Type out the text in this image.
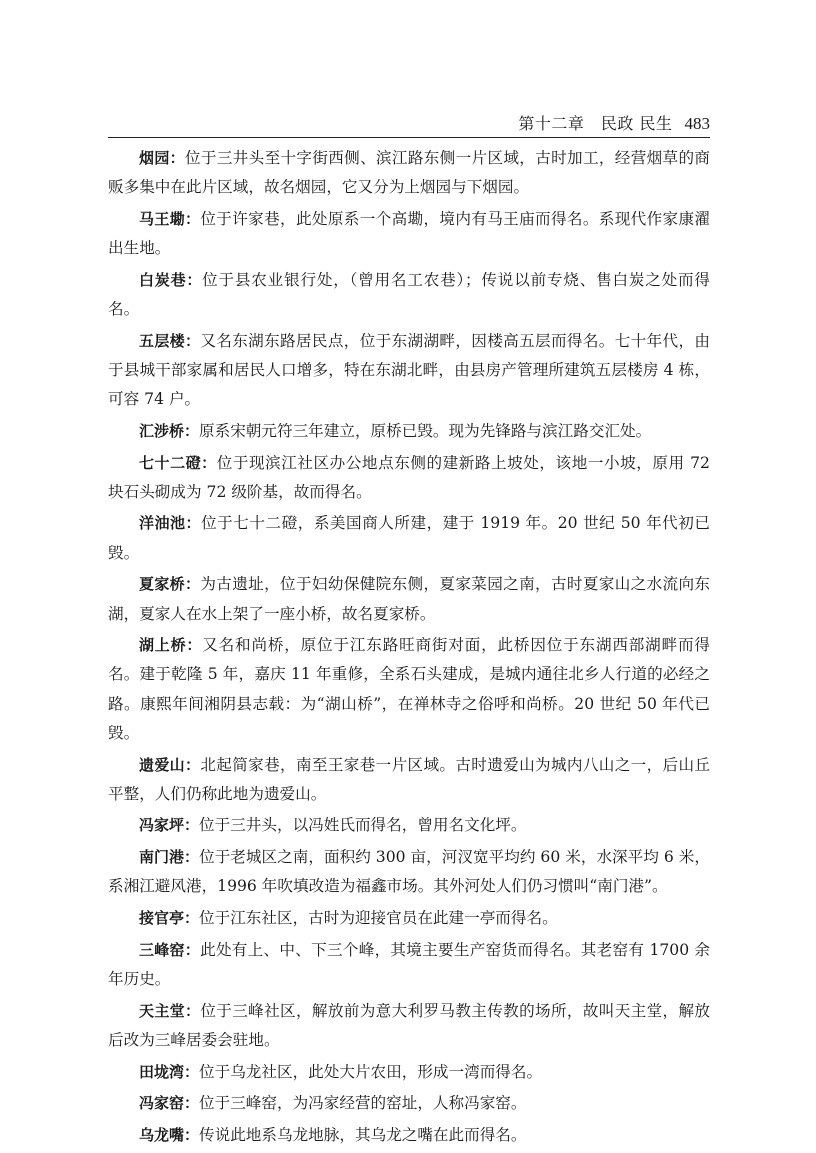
第十二章　民政 民生 483

烟园：位于三井头至十字街西侧、滨江路东侧一片区域，古时加工，经营烟草的商贩多集中在此片区域，故名烟园，它又分为上烟园与下烟园。

马王墈：位于许家巷，此处原系一个高墈，境内有马王庙而得名。系现代作家康濯出生地。

白炭巷：位于县农业银行处，（曾用名工农巷）；传说以前专烧、售白炭之处而得名。

五层楼：又名东湖东路居民点，位于东湖湖畔，因楼高五层而得名。七十年代，由于县城干部家属和居民人口增多，特在东湖北畔，由县房产管理所建筑五层楼房 4 栋，可容 74 户。

汇涉桥：原系宋朝元符三年建立，原桥已毁。现为先锋路与滨江路交汇处。

七十二磴：位于现滨江社区办公地点东侧的建新路上坡处，该地一小坡，原用 72 块石头砌成为 72 级阶基，故而得名。

洋油池：位于七十二磴，系美国商人所建，建于 1919 年。20 世纪 50 年代初已毁。

夏家桥：为古遗址，位于妇幼保健院东侧，夏家菜园之南，古时夏家山之水流向东湖，夏家人在水上架了一座小桥，故名夏家桥。

湖上桥：又名和尚桥，原位于江东路旺商街对面，此桥因位于东湖西部湖畔而得名。建于乾隆 5 年，嘉庆 11 年重修，全系石头建成，是城内通往北乡人行道的必经之路。康熙年间湘阴县志载：为“湖山桥”，在禅林寺之俗呼和尚桥。20 世纪 50 年代已毁。

遗爱山：北起简家巷，南至王家巷一片区域。古时遗爱山为城内八山之一，后山丘平整，人们仍称此地为遗爱山。

冯家坪：位于三井头，以冯姓氏而得名，曾用名文化坪。

南门港：位于老城区之南，面积约 300 亩，河汊宽平均约 60 米，水深平均 6 米，系湘江避风港，1996 年吹填改造为福鑫市场。其外河处人们仍习惯叫“南门港”。

接官亭：位于江东社区，古时为迎接官员在此建一亭而得名。

三峰窑：此处有上、中、下三个峰，其境主要生产窑货而得名。其老窑有 1700 余年历史。

天主堂：位于三峰社区，解放前为意大利罗马教主传教的场所，故叫天主堂，解放后改为三峰居委会驻地。

田垅湾：位于乌龙社区，此处大片农田，形成一湾而得名。

冯家窑：位于三峰窑，为冯家经营的窑址，人称冯家窑。

乌龙嘴：传说此地系乌龙地脉，其乌龙之嘴在此而得名。
